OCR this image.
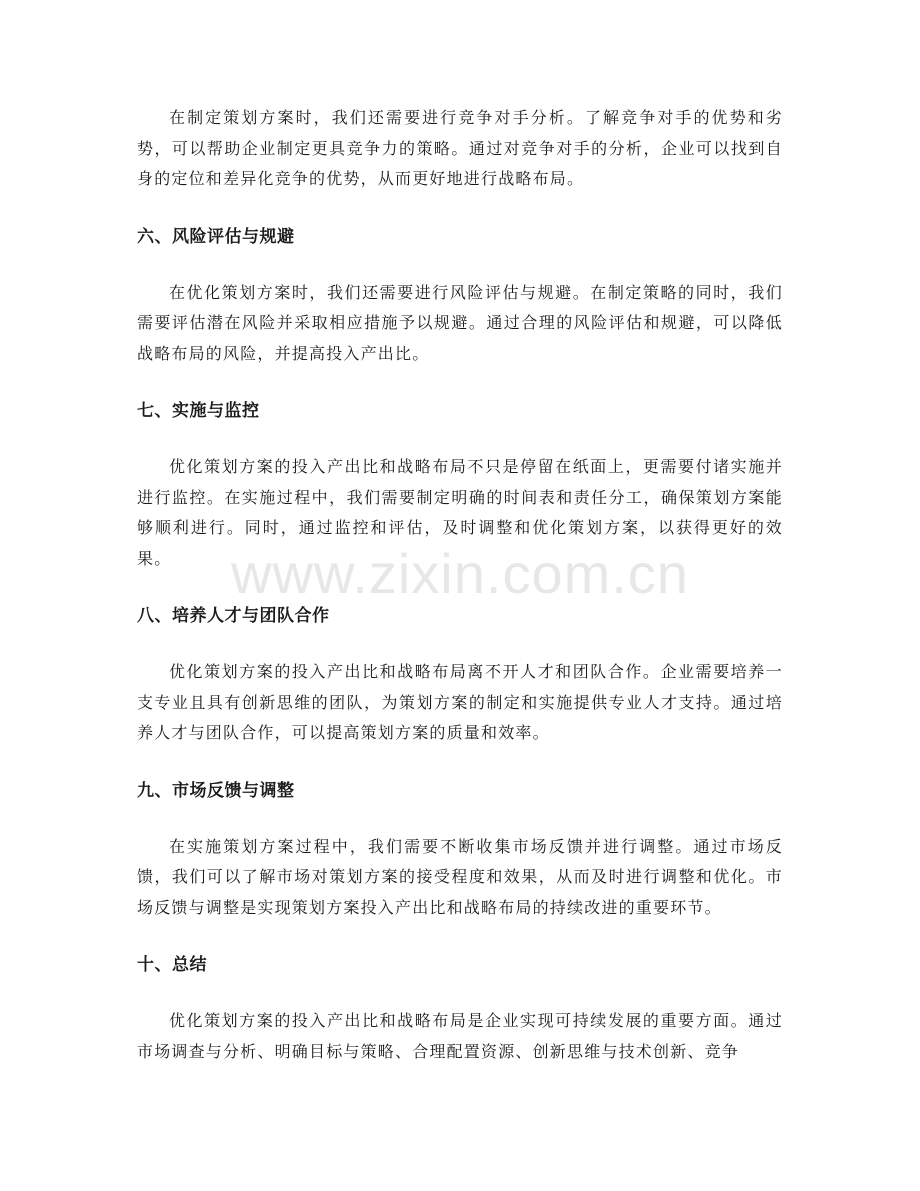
在制定策划方案时，我们还需要进行竞争对手分析。了解竞争对手的优势和劣势，可以帮助企业制定更具竞争力的策略。通过对竞争对手的分析，企业可以找到自身的定位和差异化竞争的优势，从而更好地进行战略布局。

六、风险评估与规避

在优化策划方案时，我们还需要进行风险评估与规避。在制定策略的同时，我们需要评估潜在风险并采取相应措施予以规避。通过合理的风险评估和规避，可以降低战略布局的风险，并提高投入产出比。

七、实施与监控

优化策划方案的投入产出比和战略布局不只是停留在纸面上，更需要付诸实施并进行监控。在实施过程中，我们需要制定明确的时间表和责任分工，确保策划方案能够顺利进行。同时，通过监控和评估，及时调整和优化策划方案，以获得更好的效果。

八、培养人才与团队合作

优化策划方案的投入产出比和战略布局离不开人才和团队合作。企业需要培养一支专业且具有创新思维的团队，为策划方案的制定和实施提供专业人才支持。通过培养人才与团队合作，可以提高策划方案的质量和效率。

九、市场反馈与调整

在实施策划方案过程中，我们需要不断收集市场反馈并进行调整。通过市场反馈，我们可以了解市场对策划方案的接受程度和效果，从而及时进行调整和优化。市场反馈与调整是实现策划方案投入产出比和战略布局的持续改进的重要环节。

十、总结

优化策划方案的投入产出比和战略布局是企业实现可持续发展的重要方面。通过市场调查与分析、明确目标与策略、合理配置资源、创新思维与技术创新、竞争

www.zixin.com.cn
